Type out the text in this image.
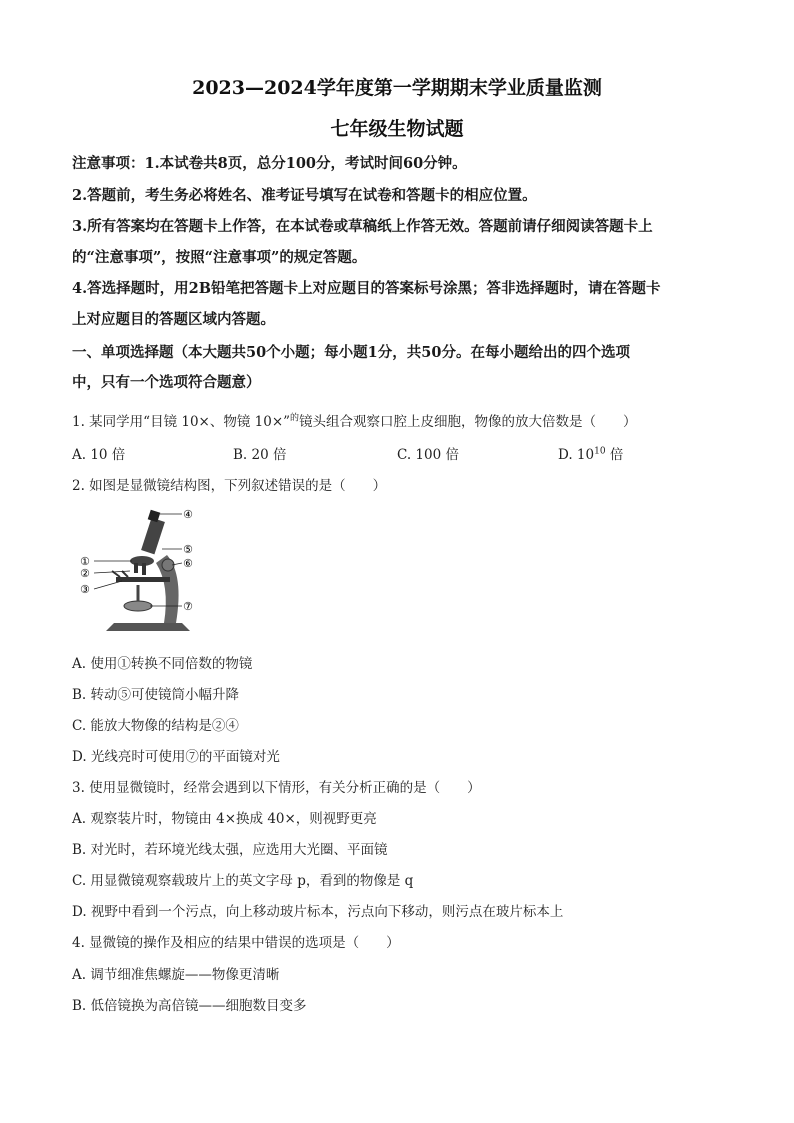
2023—2024学年度第一学期期末学业质量监测
七年级生物试题
注意事项：1.本试卷共8页，总分100分，考试时间60分钟。
2.答题前，考生务必将姓名、准考证号填写在试卷和答题卡的相应位置。
3.所有答案均在答题卡上作答，在本试卷或草稿纸上作答无效。答题前请仔细阅读答题卡上
的“注意事项”，按照“注意事项”的规定答题。
4.答选择题时，用2B铅笔把答题卡上对应题目的答案标号涂黑；答非选择题时，请在答题卡
上对应题目的答题区域内答题。
一、单项选择题（本大题共50个小题；每小题1分，共50分。在每小题给出的四个选项
中，只有一个选项符合题意）
1. 某同学用“目镜 10×、物镜 10×”$^的$镜头组合观察口腔上皮细胞，物像的放大倍数是（　　）
A. 10 倍	B. 20 倍	C. 100 倍	D. $10^{10}$ 倍
2. 如图是显微镜结构图，下列叙述错误的是（　　）
①
②
③
④
⑤
⑥
⑦
A. 使用①转换不同倍数的物镜
B. 转动⑤可使镜筒小幅升降
C. 能放大物像的结构是②④
D. 光线亮时可使用⑦的平面镜对光
3. 使用显微镜时，经常会遇到以下情形，有关分析正确的是（　　）
A. 观察装片时，物镜由 4×换成 40×，则视野更亮
B. 对光时，若环境光线太强，应选用大光圈、平面镜
C. 用显微镜观察载玻片上的英文字母 p，看到的物像是 q
D. 视野中看到一个污点，向上移动玻片标本，污点向下移动，则污点在玻片标本上
4. 显微镜的操作及相应的结果中错误的选项是（　　）
A. 调节细准焦螺旋——物像更清晰
B. 低倍镜换为高倍镜——细胞数目变多
